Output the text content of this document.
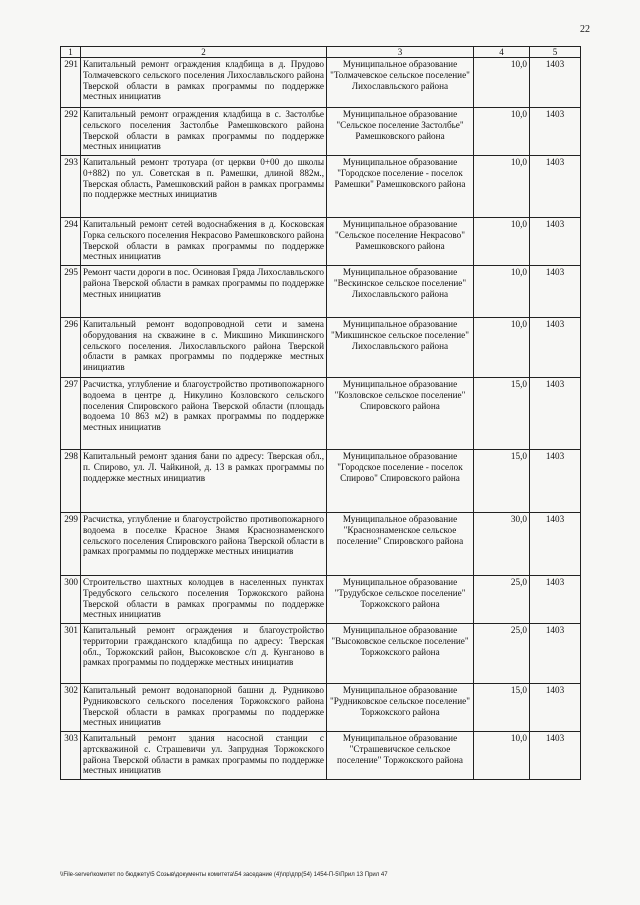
22
1	2	3	4	5
291	Капитальный ремонт ограждения кладбища в д. Прудово Толмачевского сельского поселения Лихославльского района Тверской области в рамках программы по поддержке местных инициатив	Муниципальное образование "Толмачевское сельское поселение" Лихославльского района	10,0	1403
292	Капитальный ремонт ограждения кладбища в с. Застолбье сельского поселения Застолбье Рамешковского района Тверской области в рамках программы по поддержке местных инициатив	Муниципальное образование "Сельское поселение Застолбье" Рамешковского района	10,0	1403
293	Капитальный ремонт тротуара (от церкви 0+00 до школы 0+882) по ул. Советская в п. Рамешки, длиной 882м., Тверская область, Рамешковский район в рамках программы по поддержке местных инициатив	Муниципальное образование "Городское поселение - поселок Рамешки" Рамешковского района	10,0	1403
294	Капитальный ремонт сетей водоснабжения в д. Косковская Горка сельского поселения Некрасово Рамешковского района Тверской области в рамках программы по поддержке местных инициатив	Муниципальное образование "Сельское поселение Некрасово" Рамешковского района	10,0	1403
295	Ремонт части дороги в пос. Осиновая Гряда Лихославльского района Тверской области в рамках программы по поддержке местных инициатив	Муниципальное образование "Вескинское сельское поселение" Лихославльского района	10,0	1403
296	Капитальный ремонт водопроводной сети и замена оборудования на скважине в с. Микшино Микшинского сельского поселения. Лихославльского района Тверской области в рамках программы по поддержке местных инициатив	Муниципальное образование "Микшинское сельское поселение" Лихославльского района	10,0	1403
297	Расчистка, углубление и благоустройство противопожарного водоема в центре д. Никулино Козловского сельского поселения Спировского района Тверской области (площадь водоема 10 863 м2) в рамках программы по поддержке местных инициатив	Муниципальное образование "Козловское сельское поселение" Спировского района	15,0	1403
298	Капитальный ремонт здания бани по адресу: Тверская обл., п. Спирово, ул. Л. Чайкиной, д. 13 в рамках программы по поддержке местных инициатив	Муниципальное образование "Городское поселение - поселок Спирово" Спировского района	15,0	1403
299	Расчистка, углубление и благоустройство противопожарного водоема в поселке Красное Знамя Краснознаменского сельского поселения Спировского района Тверской области в рамках программы по поддержке местных инициатив	Муниципальное образование "Краснознаменское сельское поселение" Спировского района	30,0	1403
300	Строительство шахтных колодцев в населенных пунктах Тредубского сельского поселения Торжокского района Тверской области в рамках программы по поддержке местных инициатив	Муниципальное образование "Трудубское сельское поселение" Торжокского района	25,0	1403
301	Капитальный ремонт ограждения и благоустройство территории гражданского кладбища по адресу: Тверская обл., Торжокский район, Высоковское с/п д. Кунганово в рамках программы по поддержке местных инициатив	Муниципальное образование "Высоковское сельское поселение" Торжокского района	25,0	1403
302	Капитальный ремонт водонапорной башни д. Рудниково Рудниковского сельского поселения Торжокского района Тверской области в рамках программы по поддержке местных инициатив	Муниципальное образование "Рудниковское сельское поселение" Торжокского района	15,0	1403
303	Капитальный ремонт здания насосной станции с артскважиной с. Страшевичи ул. Запрудная Торжокского района Тверской области в рамках программы по поддержке местных инициатив	Муниципальное образование "Страшевичское сельское поселение" Торжокского района	10,0	1403
\\File-server\комитет по бюджету\5 Созыв\документы комитета\54 заседание (4)\пр\дпр(54) 1454-П-5\Прил 13 Прил 47
